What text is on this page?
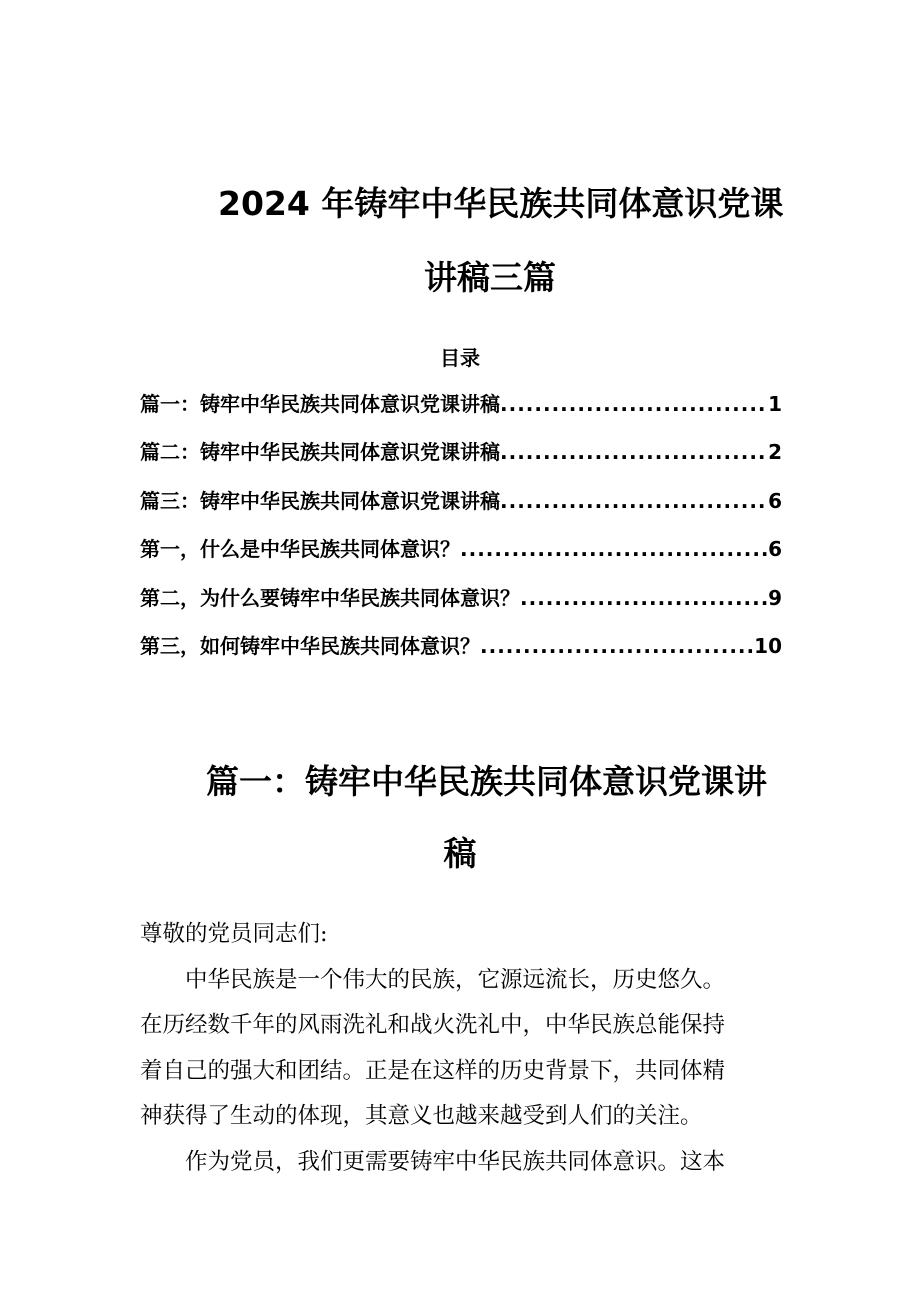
2024 年铸牢中华民族共同体意识党课
讲稿三篇
目录
篇一：铸牢中华民族共同体意识党课讲稿 .....	1
篇二：铸牢中华民族共同体意识党课讲稿 .....	2
篇三：铸牢中华民族共同体意识党课讲稿 .....	6
第一，什么是中华民族共同体意识？ .....	6
第二，为什么要铸牢中华民族共同体意识？ .....	9
第三，如何铸牢中华民族共同体意识？ .....	10
篇一：铸牢中华民族共同体意识党课讲
稿

尊敬的党员同志们:

中华民族是一个伟大的民族，它源远流长，历史悠久。
在历经数千年的风雨洗礼和战火洗礼中，中华民族总能保持
着自己的强大和团结。正是在这样的历史背景下，共同体精
神获得了生动的体现，其意义也越来越受到人们的关注。

作为党员，我们更需要铸牢中华民族共同体意识。这本
